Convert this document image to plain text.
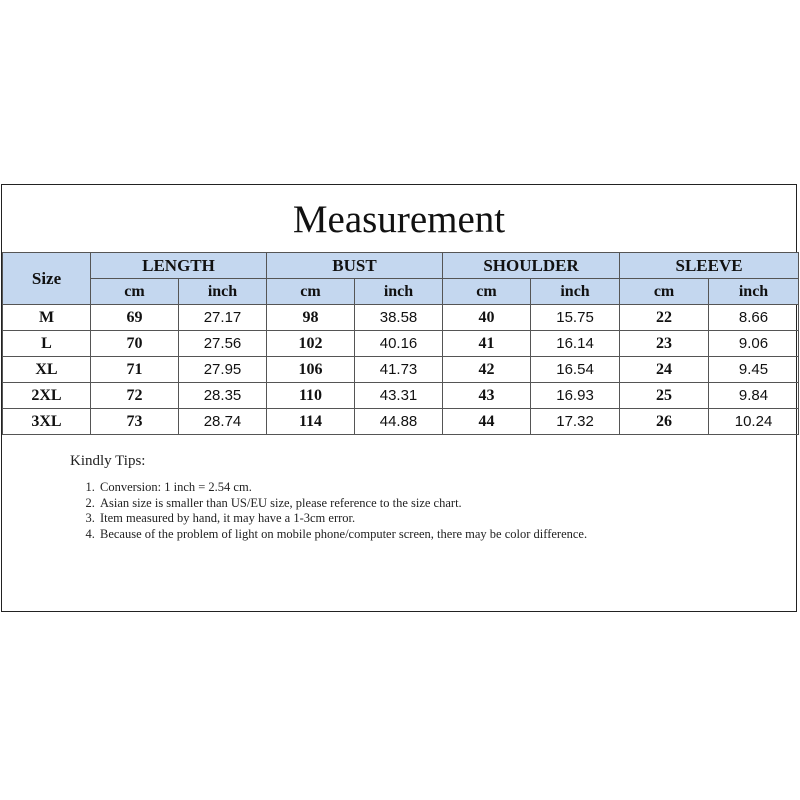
Measurement
Size	LENGTH		BUST		SHOULDER		SLEEVE	
	cm	inch	cm	inch	cm	inch	cm	inch
M	69	27.17	98	38.58	40	15.75	22	8.66
L	70	27.56	102	40.16	41	16.14	23	9.06
XL	71	27.95	106	41.73	42	16.54	24	9.45
2XL	72	28.35	110	43.31	43	16.93	25	9.84
3XL	73	28.74	114	44.88	44	17.32	26	10.24
Kindly Tips:
1. Conversion: 1 inch = 2.54 cm.
2. Asian size is smaller than US/EU size, please reference to the size chart.
3. Item measured by hand, it may have a 1-3cm error.
4. Because of the problem of light on mobile phone/computer screen, there may be color difference.
